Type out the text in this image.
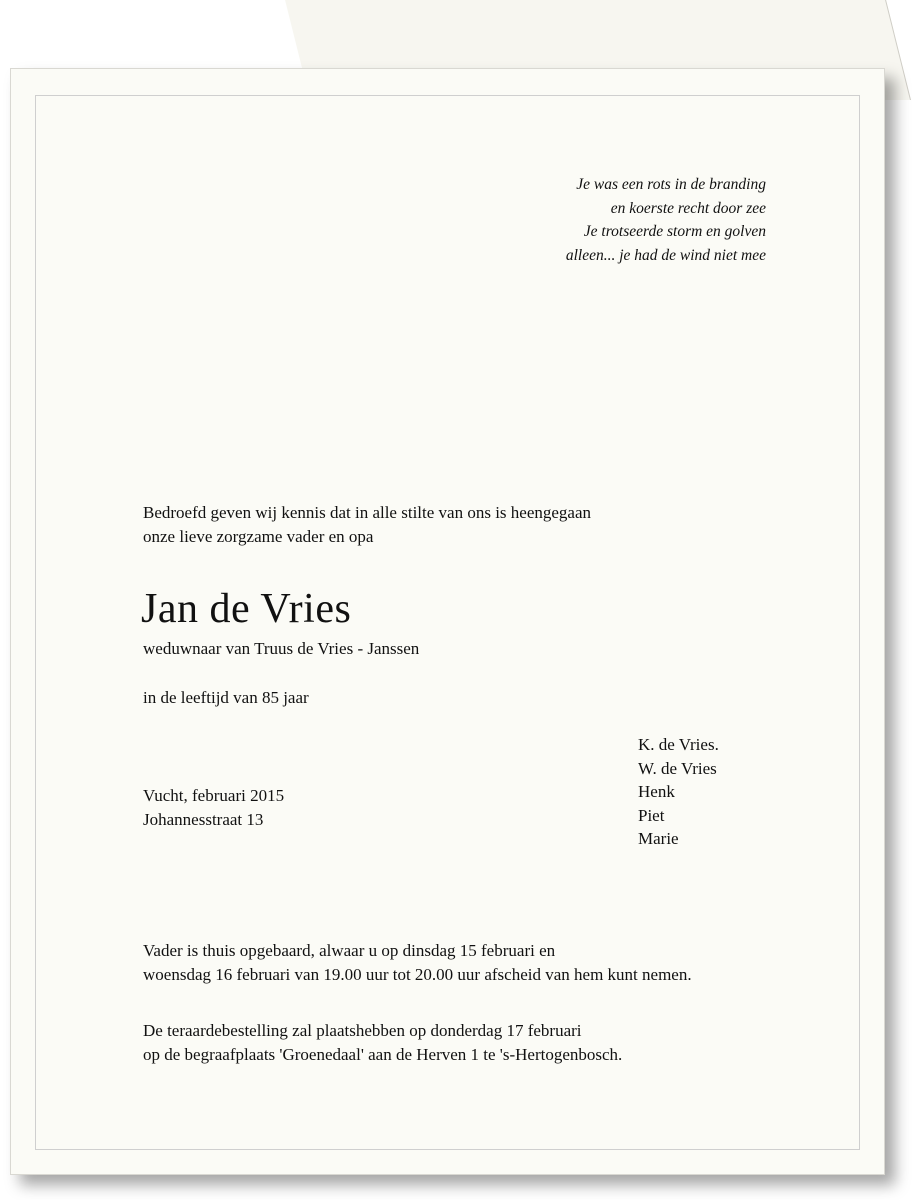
Je was een rots in de branding
en koerste recht door zee
Je trotseerde storm en golven
alleen... je had de wind niet mee
Bedroefd geven wij kennis dat in alle stilte van ons is heengegaan
onze lieve zorgzame vader en opa
Jan de Vries
weduwnaar van Truus de Vries - Janssen
in de leeftijd van 85 jaar
K. de Vries.
W. de Vries
Henk
Piet
Marie
Vucht, februari 2015
Johannesstraat 13
Vader is thuis opgebaard, alwaar u op dinsdag 15 februari en
woensdag 16 februari van 19.00 uur tot 20.00 uur afscheid van hem kunt nemen.
De teraardebestelling zal plaatshebben op donderdag 17 februari
op de begraafplaats 'Groenedaal' aan de Herven 1 te 's-Hertogenbosch.
